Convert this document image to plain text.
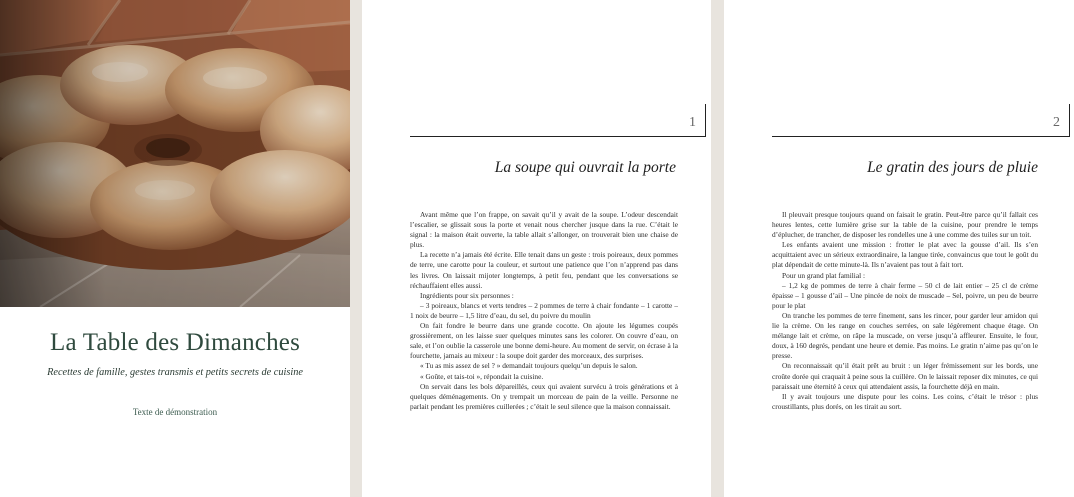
La Table des Dimanches
Recettes de famille, gestes transmis et petits secrets de cuisine
Texte de démonstration
1
La soupe qui ouvrait la porte

Avant même que l’on frappe, on savait qu’il y avait de la soupe. L’odeur descendait l’escalier, se glissait sous la porte et venait nous chercher jusque dans la rue. C’était le signal : la maison était ouverte, la table allait s’allonger, on trouverait bien une chaise de plus.

La recette n’a jamais été écrite. Elle tenait dans un geste : trois poireaux, deux pommes de terre, une carotte pour la couleur, et surtout une patience que l’on n’apprend pas dans les livres. On laissait mijoter longtemps, à petit feu, pendant que les conversations se réchauffaient elles aussi.

Ingrédients pour six personnes :

– 3 poireaux, blancs et verts tendres – 2 pommes de terre à chair fondante – 1 carotte – 1 noix de beurre – 1,5 litre d’eau, du sel, du poivre du moulin

On fait fondre le beurre dans une grande cocotte. On ajoute les légumes coupés grossièrement, on les laisse suer quelques minutes sans les colorer. On couvre d’eau, on sale, et l’on oublie la casserole une bonne demi-heure. Au moment de servir, on écrase à la fourchette, jamais au mixeur : la soupe doit garder des morceaux, des surprises.

« Tu as mis assez de sel ? » demandait toujours quelqu’un depuis le salon.

« Goûte, et tais-toi », répondait la cuisine.

On servait dans les bols dépareillés, ceux qui avaient survécu à trois générations et à quelques déménagements. On y trempait un morceau de pain de la veille. Personne ne parlait pendant les premières cuillerées ; c’était le seul silence que la maison connaissait.

2
Le gratin des jours de pluie

Il pleuvait presque toujours quand on faisait le gratin. Peut-être parce qu’il fallait ces heures lentes, cette lumière grise sur la table de la cuisine, pour prendre le temps d’éplucher, de trancher, de disposer les rondelles une à une comme des tuiles sur un toit.

Les enfants avaient une mission : frotter le plat avec la gousse d’ail. Ils s’en acquittaient avec un sérieux extraordinaire, la langue tirée, convaincus que tout le goût du plat dépendait de cette minute-là. Ils n’avaient pas tout à fait tort.

Pour un grand plat familial :

– 1,2 kg de pommes de terre à chair ferme – 50 cl de lait entier – 25 cl de crème épaisse – 1 gousse d’ail – Une pincée de noix de muscade – Sel, poivre, un peu de beurre pour le plat

On tranche les pommes de terre finement, sans les rincer, pour garder leur amidon qui lie la crème. On les range en couches serrées, on sale légèrement chaque étage. On mélange lait et crème, on râpe la muscade, on verse jusqu’à affleurer. Ensuite, le four, doux, à 160 degrés, pendant une heure et demie. Pas moins. Le gratin n’aime pas qu’on le presse.

On reconnaissait qu’il était prêt au bruit : un léger frémissement sur les bords, une croûte dorée qui craquait à peine sous la cuillère. On le laissait reposer dix minutes, ce qui paraissait une éternité à ceux qui attendaient assis, la fourchette déjà en main.

Il y avait toujours une dispute pour les coins. Les coins, c’était le trésor : plus croustillants, plus dorés, on les tirait au sort.
